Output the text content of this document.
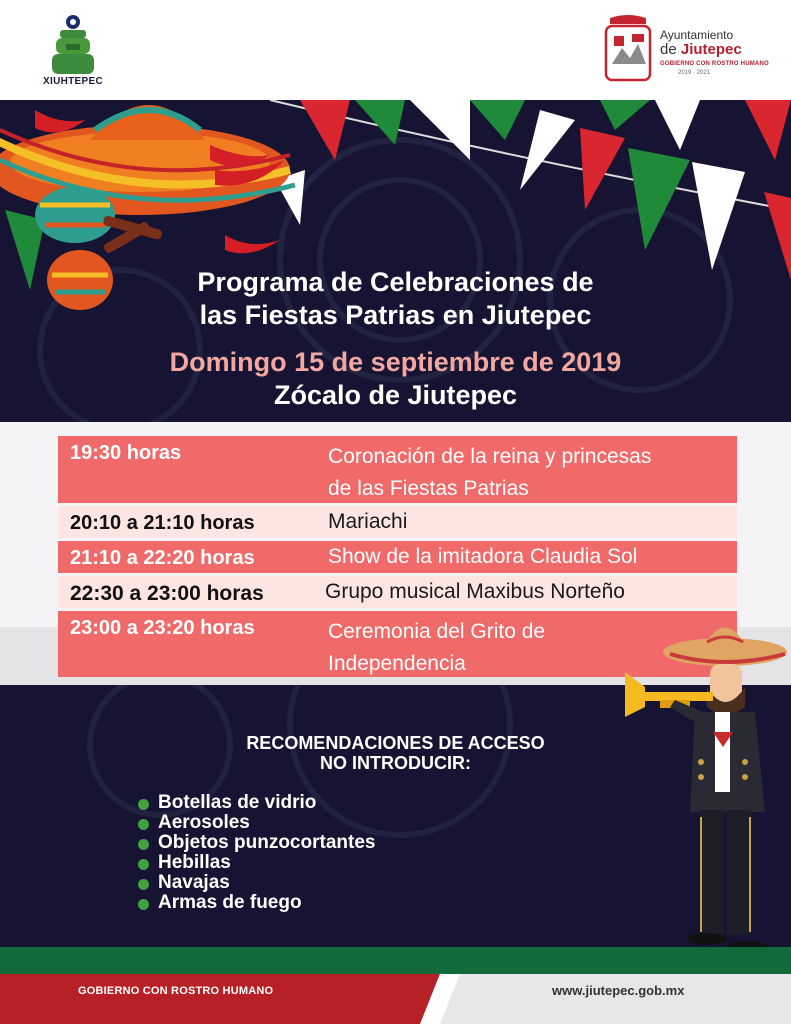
XIUHTEPEC
Ayuntamiento
de Jiutepec
GOBIERNO CON ROSTRO HUMANO
2019 · 2021
Programa de Celebraciones de
las Fiestas Patrias en Jiutepec
Domingo 15 de septiembre de 2019
Zócalo de Jiutepec
19:30 horas	Coronación de la reina y princesas
de las Fiestas Patrias
20:10 a 21:10 horas	Mariachi
21:10 a 22:20 horas	Show de la imitadora Claudia Sol
22:30 a 23:00 horas	Grupo musical Maxibus Norteño
23:00 a 23:20 horas	Ceremonia del Grito de
Independencia
RECOMENDACIONES DE ACCESO
NO INTRODUCIR:
Botellas de vidrio
Aerosoles
Objetos punzocortantes
Hebillas
Navajas
Armas de fuego
GOBIERNO CON ROSTRO HUMANO	www.jiutepec.gob.mx
